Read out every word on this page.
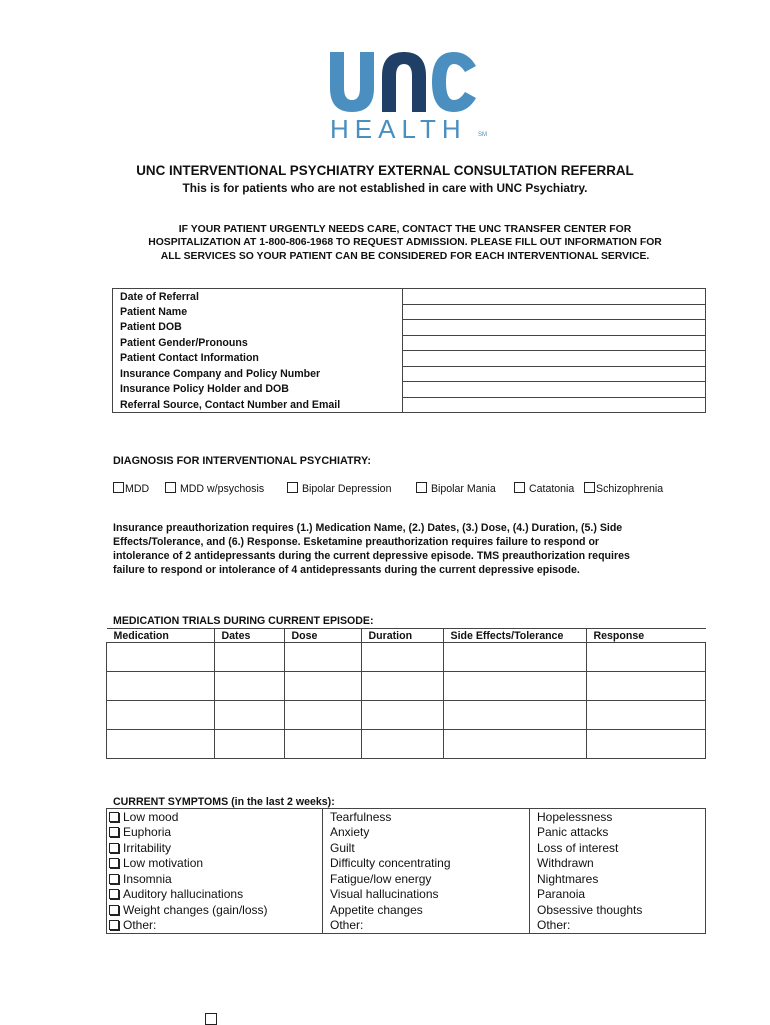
HEALTH SM
UNC INTERVENTIONAL PSYCHIATRY EXTERNAL CONSULTATION REFERRAL
This is for patients who are not established in care with UNC Psychiatry.
IF YOUR PATIENT URGENTLY NEEDS CARE, CONTACT THE UNC TRANSFER CENTER FOR
HOSPITALIZATION AT 1-800-806-1968 TO REQUEST ADMISSION. PLEASE FILL OUT INFORMATION FOR
ALL SERVICES SO YOUR PATIENT CAN BE CONSIDERED FOR EACH INTERVENTIONAL SERVICE.
Date of Referral	
Patient Name	
Patient DOB	
Patient Gender/Pronouns	
Patient Contact Information	
Insurance Company and Policy Number	
Insurance Policy Holder and DOB	
Referral Source, Contact Number and Email	
DIAGNOSIS FOR INTERVENTIONAL PSYCHIATRY:
MDD	MDD w/psychosis	Bipolar Depression	Bipolar Mania	Catatonia	Schizophrenia
Insurance preauthorization requires (1.) Medication Name, (2.) Dates, (3.) Dose, (4.) Duration, (5.) Side
Effects/Tolerance, and (6.) Response. Esketamine preauthorization requires failure to respond or
intolerance of 2 antidepressants during the current depressive episode. TMS preauthorization requires
failure to respond or intolerance of 4 antidepressants during the current depressive episode.
MEDICATION TRIALS DURING CURRENT EPISODE:
Medication	Dates	Dose	Duration	Side Effects/Tolerance	Response

CURRENT SYMPTOMS (in the last 2 weeks):
Low mood	Tearfulness	Hopelessness
Euphoria	Anxiety	Panic attacks
Irritability	Guilt	Loss of interest
Low motivation	Difficulty concentrating	Withdrawn
Insomnia	Fatigue/low energy	Nightmares
Auditory hallucinations	Visual hallucinations	Paranoia
Weight changes (gain/loss)	Appetite changes	Obsessive thoughts
Other:	Other:	Other:
